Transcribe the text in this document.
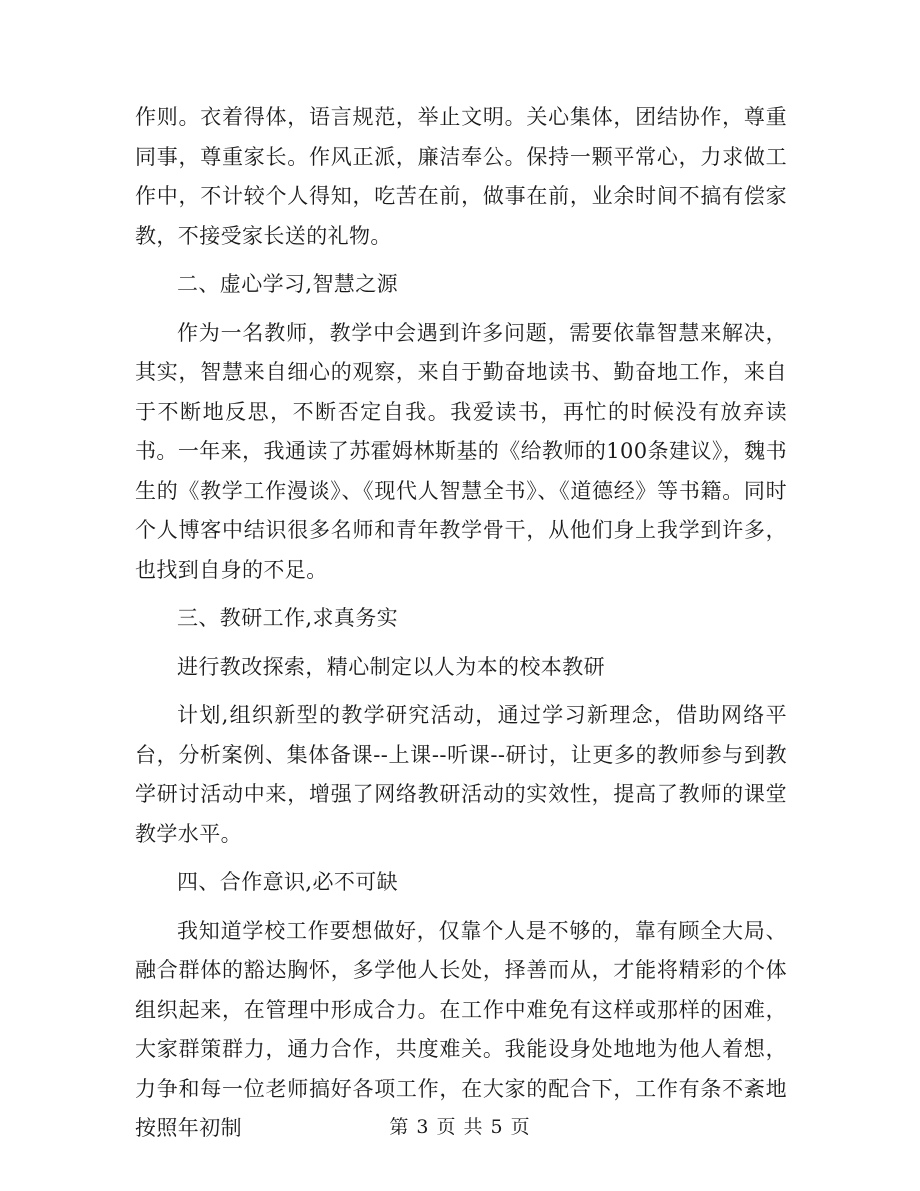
作则。衣着得体，语言规范，举止文明。关心集体，团结协作，尊重同事，尊重家长。作风正派，廉洁奉公。保持一颗平常心，力求做工作中，不计较个人得知，吃苦在前，做事在前，业余时间不搞有偿家教，不接受家长送的礼物。

二、虚心学习,智慧之源

作为一名教师，教学中会遇到许多问题，需要依靠智慧来解决，其实，智慧来自细心的观察，来自于勤奋地读书、勤奋地工作，来自于不断地反思，不断否定自我。我爱读书，再忙的时候没有放弃读书。一年来，我通读了苏霍姆林斯基的《给教师的100条建议》，魏书生的《教学工作漫谈》、《现代人智慧全书》、《道德经》等书籍。同时个人博客中结识很多名师和青年教学骨干，从他们身上我学到许多，也找到自身的不足。

三、教研工作,求真务实

进行教改探索，精心制定以人为本的校本教研

计划,组织新型的教学研究活动，通过学习新理念，借助网络平台，分析案例、集体备课--上课--听课--研讨，让更多的教师参与到教学研讨活动中来，增强了网络教研活动的实效性，提高了教师的课堂教学水平。

四、合作意识,必不可缺

我知道学校工作要想做好，仅靠个人是不够的，靠有顾全大局、融合群体的豁达胸怀，多学他人长处，择善而从，才能将精彩的个体组织起来，在管理中形成合力。在工作中难免有这样或那样的困难，大家群策群力，通力合作，共度难关。我能设身处地地为他人着想，力争和每一位老师搞好各项工作，在大家的配合下，工作有条不紊地按照年初制	第 3 页 共 5 页
